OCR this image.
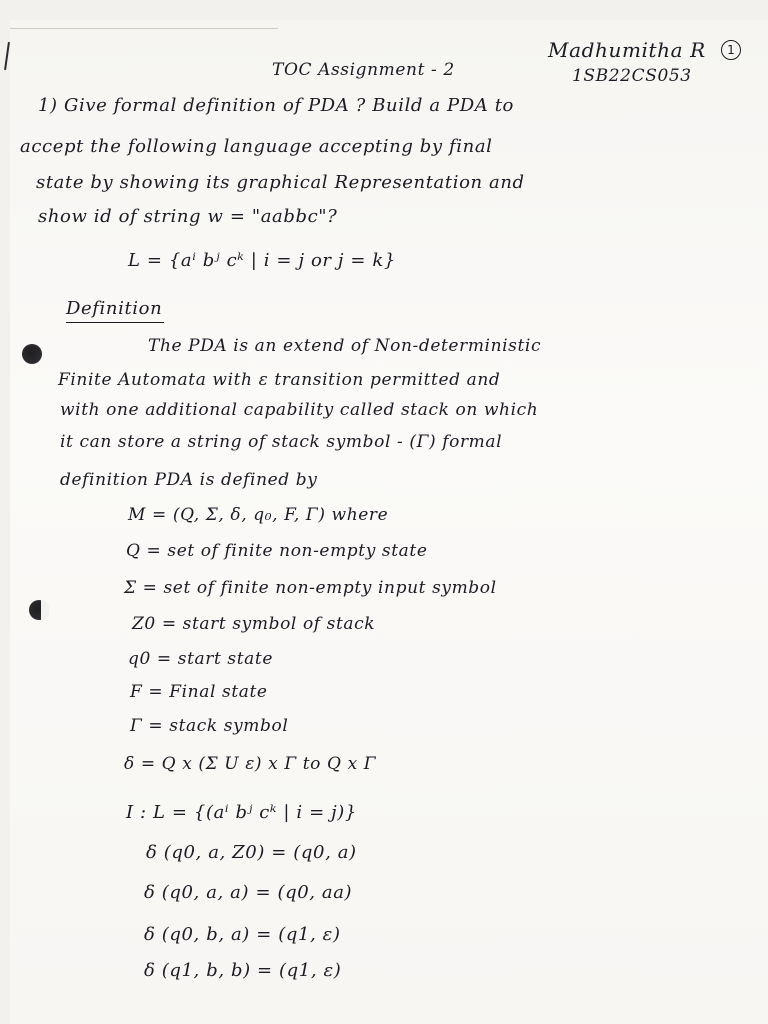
Madhumitha R	1
TOC Assignment - 2	1SB22CS053
1) Give formal definition of PDA ? Build a PDA to
accept the following language accepting by final
state by showing its graphical Representation and
show id of string w = "aabbc"?
L = {aⁱ bʲ cᵏ | i = j or j = k}
Definition
The PDA is an extend of Non-deterministic
Finite Automata with ε transition permitted and
with one additional capability called stack on which
it can store a string of stack symbol - (Γ) formal
definition PDA is defined by
M = (Q, Σ, δ, q₀, F, Γ) where
Q = set of finite non-empty state
Σ = set of finite non-empty input symbol
Z0 = start symbol of stack
q0 = start state
F = Final state
Γ = stack symbol
δ = Q x (Σ U ε) x Γ to Q x Γ
I : L = {(aⁱ bʲ cᵏ | i = j)}
δ (q0, a, Z0) = (q0, a)
δ (q0, a, a) = (q0, aa)
δ (q0, b, a) = (q1, ε)
δ (q1, b, b) = (q1, ε)
